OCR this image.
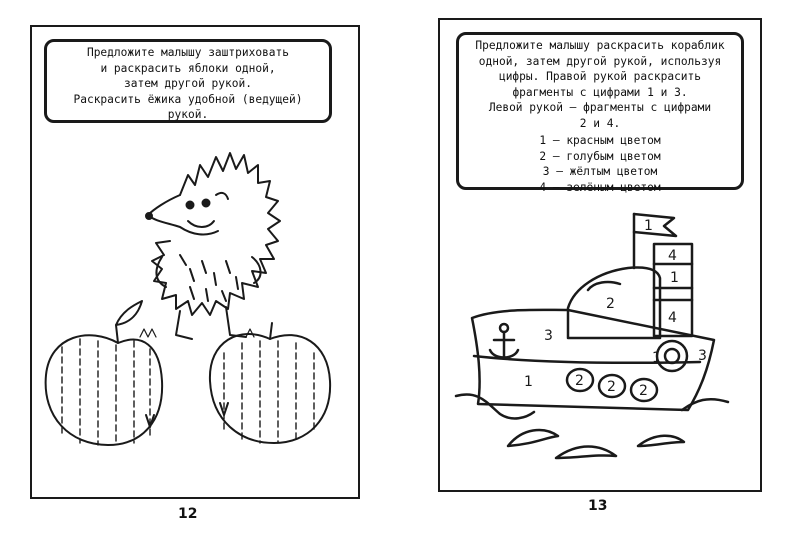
Предложите малышу заштриховать
и раскрасить яблоки одной,
затем другой рукой.
Раскрасить ёжика удобной (ведущей)
рукой.
12
Предложите малышу раскрасить кораблик
одной, затем другой рукой, используя
цифры. Правой рукой раскрасить
фрагменты с цифрами 1 и 3.
Левой рукой — фрагменты с цифрами
2 и 4.
1 — красным цветом
2 — голубым цветом
3 — жёлтым цветом
4 — зелёным цветом
1
4
1
4
2
3
1
1	3
2 2 2
13
